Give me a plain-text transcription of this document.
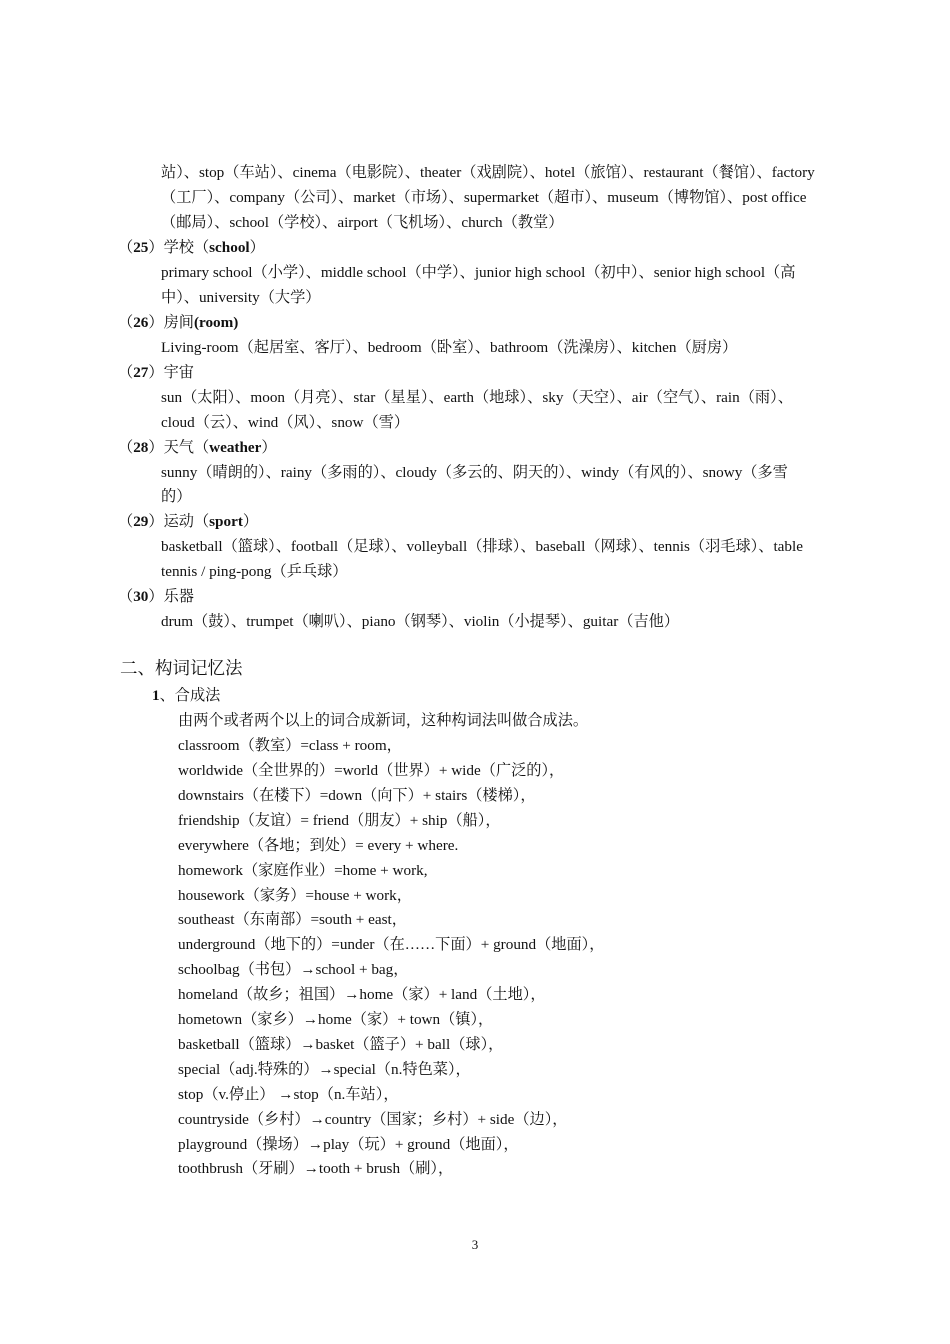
站）、stop（车站）、cinema（电影院）、theater（戏剧院）、hotel（旅馆）、restaurant（餐馆）、factory
（工厂）、company（公司）、market（市场）、supermarket（超市）、museum（博物馆）、post office
（邮局）、school（学校）、airport（飞机场）、church（教堂）
（25）学校（school）
primary school（小学）、middle school（中学）、junior high school（初中）、senior high school（高
中）、university（大学）
（26）房间(room)
Living-room（起居室、客厅）、bedroom（卧室）、bathroom（洗澡房）、kitchen（厨房）
（27）宇宙
sun（太阳）、moon（月亮）、star（星星）、earth（地球）、sky（天空）、air（空气）、rain（雨）、
cloud（云）、wind（风）、snow（雪）
（28）天气（weather）
sunny（晴朗的）、rainy（多雨的）、cloudy（多云的、阴天的）、windy（有风的）、snowy（多雪
的）
（29）运动（sport）
basketball（篮球）、football（足球）、volleyball（排球）、baseball（网球）、tennis（羽毛球）、table
tennis / ping-pong（乒乓球）
（30）乐器
drum（鼓）、trumpet（喇叭）、piano（钢琴）、violin（小提琴）、guitar（吉他）
二、构词记忆法
1、合成法
由两个或者两个以上的词合成新词，这种构词法叫做合成法。
classroom（教室）=class + room，
worldwide（全世界的）=world（世界）+ wide（广泛的），
downstairs（在楼下）=down（向下）+ stairs（楼梯），
friendship（友谊）= friend（朋友）+ ship（船），
everywhere（各地；到处）= every + where.
homework（家庭作业）=home + work,
housework（家务）=house + work，
southeast（东南部）=south + east，
underground（地下的）=under（在……下面）+ ground（地面），
schoolbag（书包）→school + bag，
homeland（故乡；祖国）→home（家）+ land（土地），
hometown（家乡）→home（家）+ town（镇），
basketball（篮球）→basket（篮子）+ ball（球），
special（adj.特殊的）→special（n.特色菜），
stop（v.停止） →stop（n.车站），
countryside（乡村）→country（国家；乡村）+ side（边），
playground（操场）→play（玩）+ ground（地面），
toothbrush（牙刷）→tooth + brush（刷），
3
